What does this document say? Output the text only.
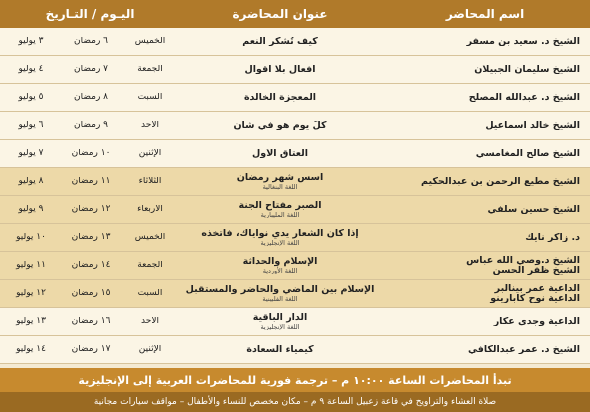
اسم المحاضر
عنوان المحاضرة
اليـوم / التـاريخ
الشيخ د. سعيد بن مسفر
كيف تُشكر النعم
الخميس
٦ رمضان
٣ يوليو
الشيخ سليمان الجبيلان
أفعال بلا أقوال
الجمعة
٧ رمضان
٤ يوليو
الشيخ د. عبدالله المصلح
المعجزة الخالدة
السبت
٨ رمضان
٥ يوليو
الشيخ خالد اسماعيل
كُلَّ يوم هو في شأن
الأحد
٩ رمضان
٦ يوليو
الشيخ صالح المغامسي
العتاق الأول
الإثنين
١٠ رمضان
٧ يوليو
الشيخ مطيع الرحمن بن عبدالحكيم
أسس شهر رمضان
اللغة البنغالية
الثلاثاء
١١ رمضان
٨ يوليو
الشيخ حسين سلفي
الصبر مفتاح الجنة
اللغة المليبارية
الأربعاء
١٢ رمضان
٩ يوليو
د. زاكر نايك
إذا كان الشعار يدي نواياك، فاتخذه
اللغة الإنجليزية
الخميس
١٣ رمضان
١٠ يوليو
الشيخ د.وصي الله عباس
الشيخ ظفر الحسن
الإسلام والحداثة
اللغة الأوردية
الجمعة
١٤ رمضان
١١ يوليو
الداعية عمر بينالبر
الداعية نوح كابارينو
الإسلام بين الماضي والحاضر والمستقبل
اللغة الفلبينية
السبت
١٥ رمضان
١٢ يوليو
الداعية وجدي عكار
الدار الباقية
اللغة الإنجليزية
الأحد
١٦ رمضان
١٣ يوليو
الشيخ د. عمر عبدالكافي
كيمياء السعادة
الإثنين
١٧ رمضان
١٤ يوليو
تبدأ المحاضرات الساعة ١٠:٠٠ م – ترجمة فورية للمحاضرات العربية إلى الإنجليزية
صلاة العشاء والتراويح في قاعة زعبيل الساعة ٩ م – مكان مخصص للنساء والأطفال – مواقف سيارات مجانية
